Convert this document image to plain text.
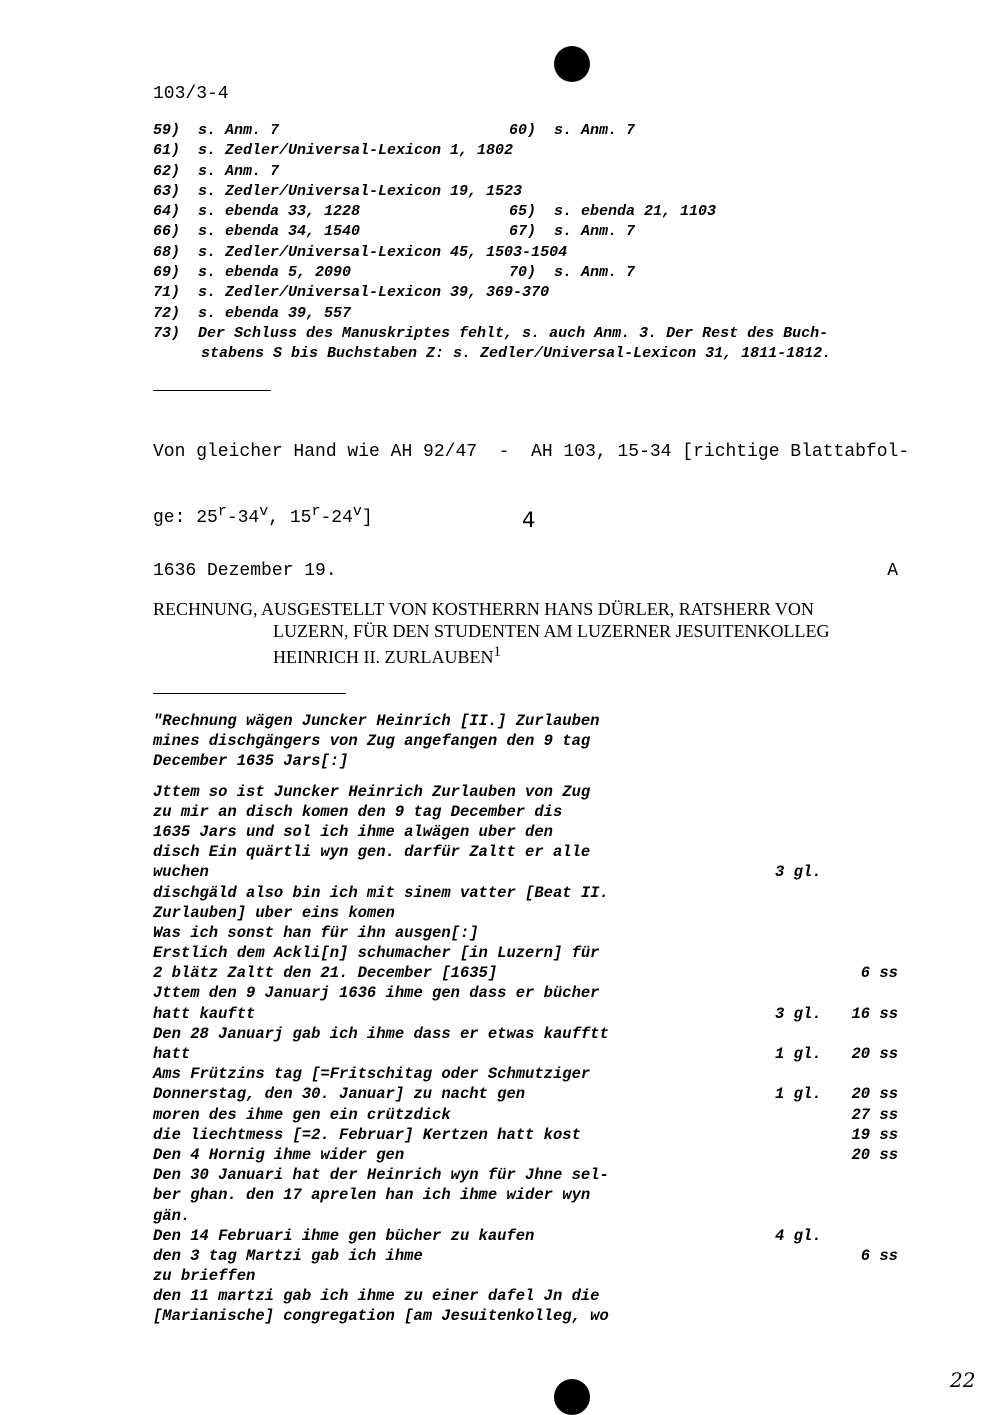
103/3-4
59)  s. Anm. 7	60)  s. Anm. 7
61)  s. Zedler/Universal-Lexicon 1, 1802
62)  s. Anm. 7
63)  s. Zedler/Universal-Lexicon 19, 1523
64)  s. ebenda 33, 1228	65)  s. ebenda 21, 1103
66)  s. ebenda 34, 1540	67)  s. Anm. 7
68)  s. Zedler/Universal-Lexicon 45, 1503-1504
69)  s. ebenda 5, 2090	70)  s. Anm. 7
71)  s. Zedler/Universal-Lexicon 39, 369-370
72)  s. ebenda 39, 557
73)  Der Schluss des Manuskriptes fehlt, s. auch Anm. 3. Der Rest des Buch-
stabens S bis Buchstaben Z: s. Zedler/Universal-Lexicon 31, 1811-1812.

Von gleicher Hand wie AH 92/47  -  AH 103, 15-34 [richtige Blattabfol-

ge: 25$^r$-34$^v$, 15$^r$-24$^v$]	4
1636 Dezember 19.	A
RECHNUNG, AUSGESTELLT VON KOSTHERRN HANS DÜRLER, RATSHERR VON
LUZERN, FÜR DEN STUDENTEN AM LUZERNER JESUITENKOLLEG
HEINRICH II. ZURLAUBEN$^1$
"Rechnung wägen Juncker Heinrich [II.] Zurlauben
mines dischgängers von Zug angefangen den 9 tag
December 1635 Jars[:]
Jttem so ist Juncker Heinrich Zurlauben von Zug
zu mir an disch komen den 9 tag December dis
1635 Jars und sol ich ihme alwägen uber den
disch Ein quärtli wyn gen. darfür Zaltt er alle
wuchen	3 gl.
dischgäld also bin ich mit sinem vatter [Beat II.
Zurlauben] uber eins komen
Was ich sonst han für ihn ausgen[:]
Erstlich dem Ackli[n] schumacher [in Luzern] für
2 blätz Zaltt den 21. December [1635]	6 ss
Jttem den 9 Januarj 1636 ihme gen dass er bücher
hatt kauftt	3 gl. 16 ss
Den 28 Januarj gab ich ihme dass er etwas kaufftt
hatt	1 gl. 20 ss
Ams Frützins tag [=Fritschitag oder Schmutziger
Donnerstag, den 30. Januar] zu nacht gen	1 gl. 20 ss
moren des ihme gen ein crützdick	27 ss
die liechtmess [=2. Februar] Kertzen hatt kost	19 ss
Den 4 Hornig ihme wider gen	20 ss
Den 30 Januari hat der Heinrich wyn für Jhne sel-
ber ghan. den 17 aprelen han ich ihme wider wyn
gän.
Den 14 Februari ihme gen bücher zu kaufen	4 gl.
den 3 tag Martzi gab ich ihme	6 ss
zu brieffen
den 11 martzi gab ich ihme zu einer dafel Jn die
[Marianische] congregation [am Jesuitenkolleg, wo
22
